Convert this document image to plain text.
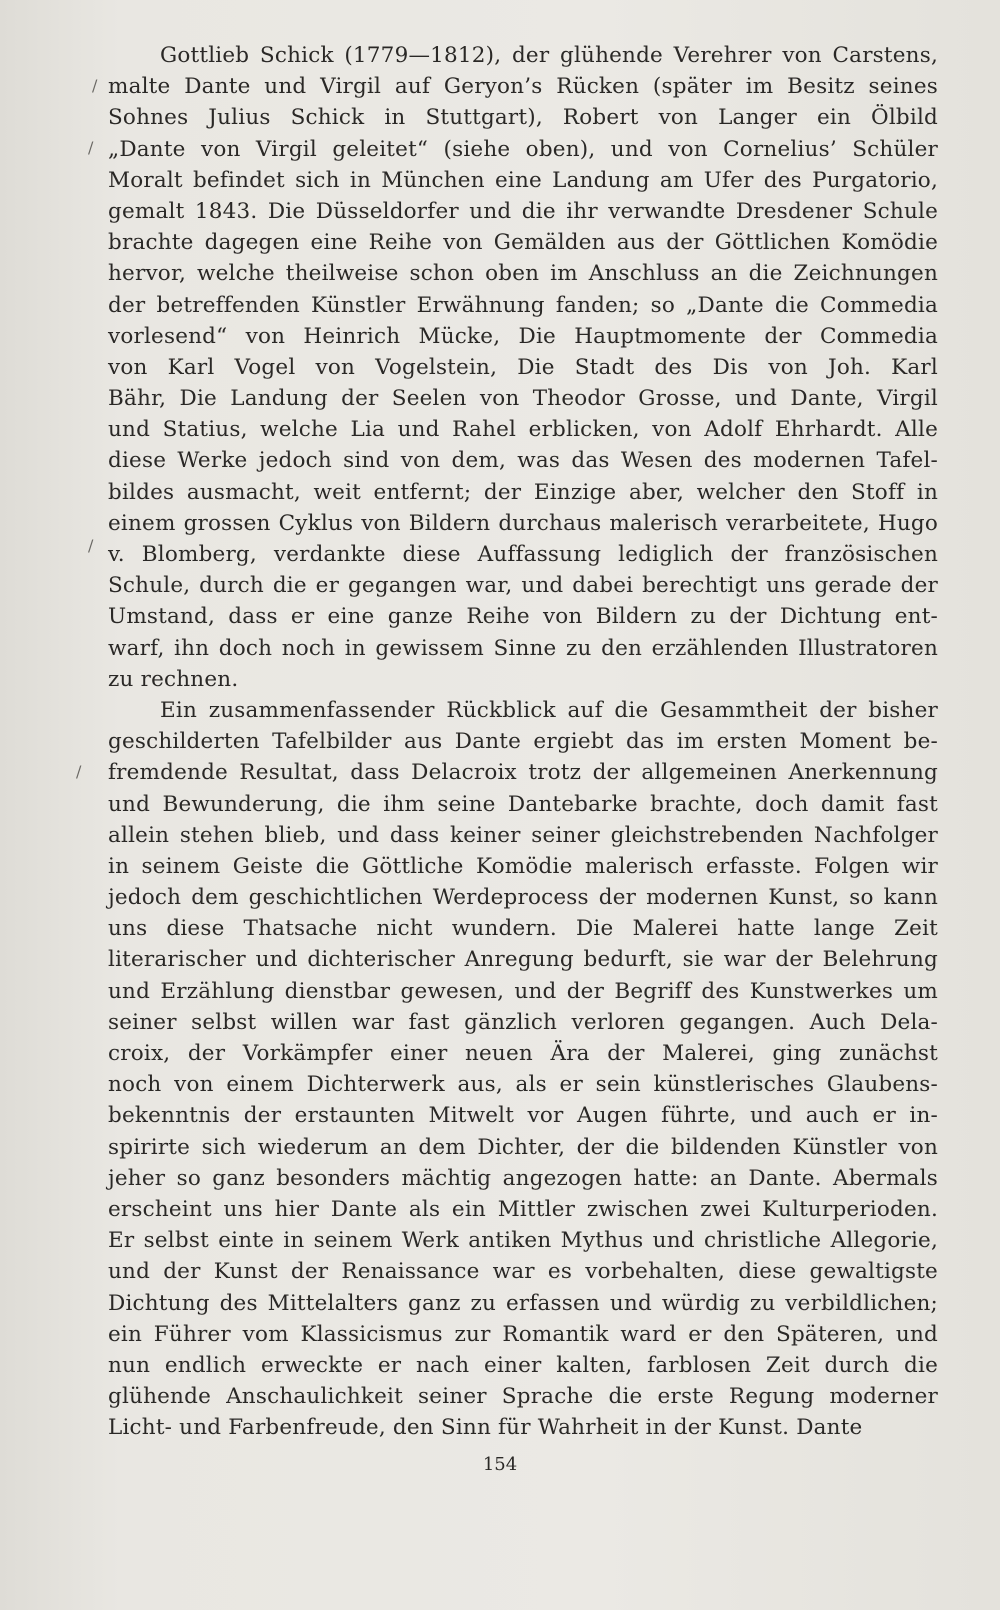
/
/
/
/
Gottlieb Schick (1779—1812), der glühende Verehrer von Carstens,
malte Dante und Virgil auf Geryon’s Rücken (später im Besitz seines
Sohnes Julius Schick in Stuttgart), Robert von Langer ein Ölbild
„Dante von Virgil geleitet“ (siehe oben), und von Cornelius’ Schüler
Moralt befindet sich in München eine Landung am Ufer des Purgatorio,
gemalt 1843. Die Düsseldorfer und die ihr verwandte Dresdener Schule
brachte dagegen eine Reihe von Gemälden aus der Göttlichen Komödie
hervor, welche theilweise schon oben im Anschluss an die Zeichnungen
der betreffenden Künstler Erwähnung fanden; so „Dante die Commedia
vorlesend“ von Heinrich Mücke, Die Hauptmomente der Commedia
von Karl Vogel von Vogelstein, Die Stadt des Dis von Joh. Karl
Bähr, Die Landung der Seelen von Theodor Grosse, und Dante, Virgil
und Statius, welche Lia und Rahel erblicken, von Adolf Ehrhardt. Alle
diese Werke jedoch sind von dem, was das Wesen des modernen Tafel-
bildes ausmacht, weit entfernt; der Einzige aber, welcher den Stoff in
einem grossen Cyklus von Bildern durchaus malerisch verarbeitete, Hugo
v. Blomberg, verdankte diese Auffassung lediglich der französischen
Schule, durch die er gegangen war, und dabei berechtigt uns gerade der
Umstand, dass er eine ganze Reihe von Bildern zu der Dichtung ent-
warf, ihn doch noch in gewissem Sinne zu den erzählenden Illustratoren
zu rechnen.
Ein zusammenfassender Rückblick auf die Gesammtheit der bisher
geschilderten Tafelbilder aus Dante ergiebt das im ersten Moment be-
fremdende Resultat, dass Delacroix trotz der allgemeinen Anerkennung
und Bewunderung, die ihm seine Dantebarke brachte, doch damit fast
allein stehen blieb, und dass keiner seiner gleichstrebenden Nachfolger
in seinem Geiste die Göttliche Komödie malerisch erfasste. Folgen wir
jedoch dem geschichtlichen Werdeprocess der modernen Kunst, so kann
uns diese Thatsache nicht wundern. Die Malerei hatte lange Zeit
literarischer und dichterischer Anregung bedurft, sie war der Belehrung
und Erzählung dienstbar gewesen, und der Begriff des Kunstwerkes um
seiner selbst willen war fast gänzlich verloren gegangen. Auch Dela-
croix, der Vorkämpfer einer neuen Ära der Malerei, ging zunächst
noch von einem Dichterwerk aus, als er sein künstlerisches Glaubens-
bekenntnis der erstaunten Mitwelt vor Augen führte, und auch er in-
spirirte sich wiederum an dem Dichter, der die bildenden Künstler von
jeher so ganz besonders mächtig angezogen hatte: an Dante. Abermals
erscheint uns hier Dante als ein Mittler zwischen zwei Kulturperioden.
Er selbst einte in seinem Werk antiken Mythus und christliche Allegorie,
und der Kunst der Renaissance war es vorbehalten, diese gewaltigste
Dichtung des Mittelalters ganz zu erfassen und würdig zu verbildlichen;
ein Führer vom Klassicismus zur Romantik ward er den Späteren, und
nun endlich erweckte er nach einer kalten, farblosen Zeit durch die
glühende Anschaulichkeit seiner Sprache die erste Regung moderner
Licht- und Farbenfreude, den Sinn für Wahrheit in der Kunst. Dante
154
